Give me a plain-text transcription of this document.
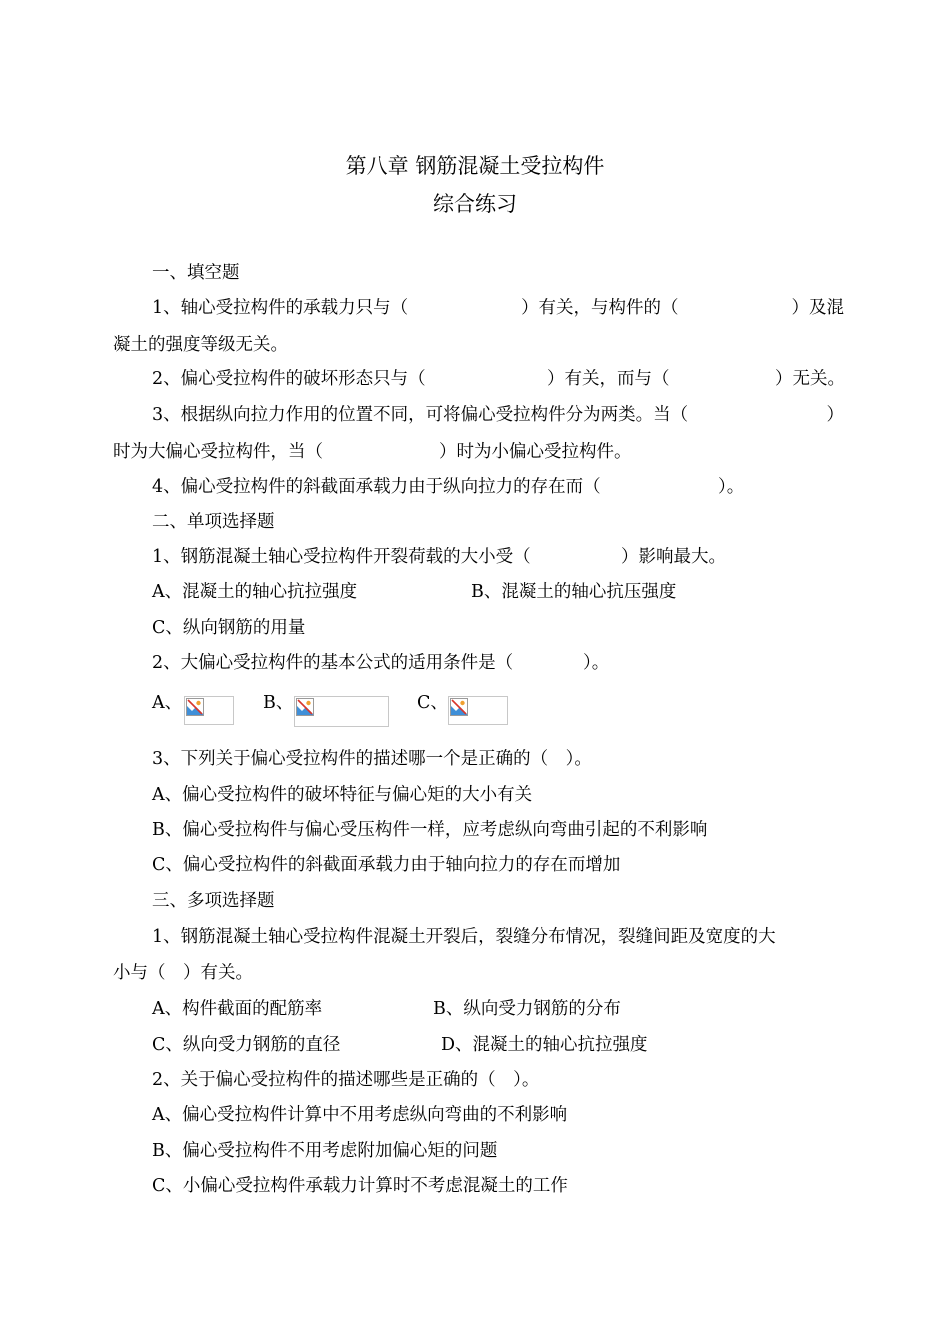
第八章 钢筋混凝土受拉构件
综合练习
一、填空题
1、轴心受拉构件的承载力只与（	）有关，与构件的（	）及混
凝土的强度等级无关。
2、偏心受拉构件的破坏形态只与（	）有关，而与（	）无关。
3、根据纵向拉力作用的位置不同，可将偏心受拉构件分为两类。当（	）
时为大偏心受拉构件，当（	）时为小偏心受拉构件。
4、偏心受拉构件的斜截面承载力由于纵向拉力的存在而（	）。
二、单项选择题
1、钢筋混凝土轴心受拉构件开裂荷载的大小受（	）影响最大。
A、混凝土的轴心抗拉强度	B、混凝土的轴心抗压强度
C、纵向钢筋的用量
2、大偏心受拉构件的基本公式的适用条件是（	）。
A、	B、	C、
3、下列关于偏心受拉构件的描述哪一个是正确的（　）。
A、偏心受拉构件的破坏特征与偏心矩的大小有关
B、偏心受拉构件与偏心受压构件一样，应考虑纵向弯曲引起的不利影响
C、偏心受拉构件的斜截面承载力由于轴向拉力的存在而增加
三、多项选择题
1、钢筋混凝土轴心受拉构件混凝土开裂后，裂缝分布情况，裂缝间距及宽度的大
小与（　）有关。
A、构件截面的配筋率	B、纵向受力钢筋的分布
C、纵向受力钢筋的直径	D、混凝土的轴心抗拉强度
2、关于偏心受拉构件的描述哪些是正确的（　）。
A、偏心受拉构件计算中不用考虑纵向弯曲的不利影响
B、偏心受拉构件不用考虑附加偏心矩的问题
C、小偏心受拉构件承载力计算时不考虑混凝土的工作
